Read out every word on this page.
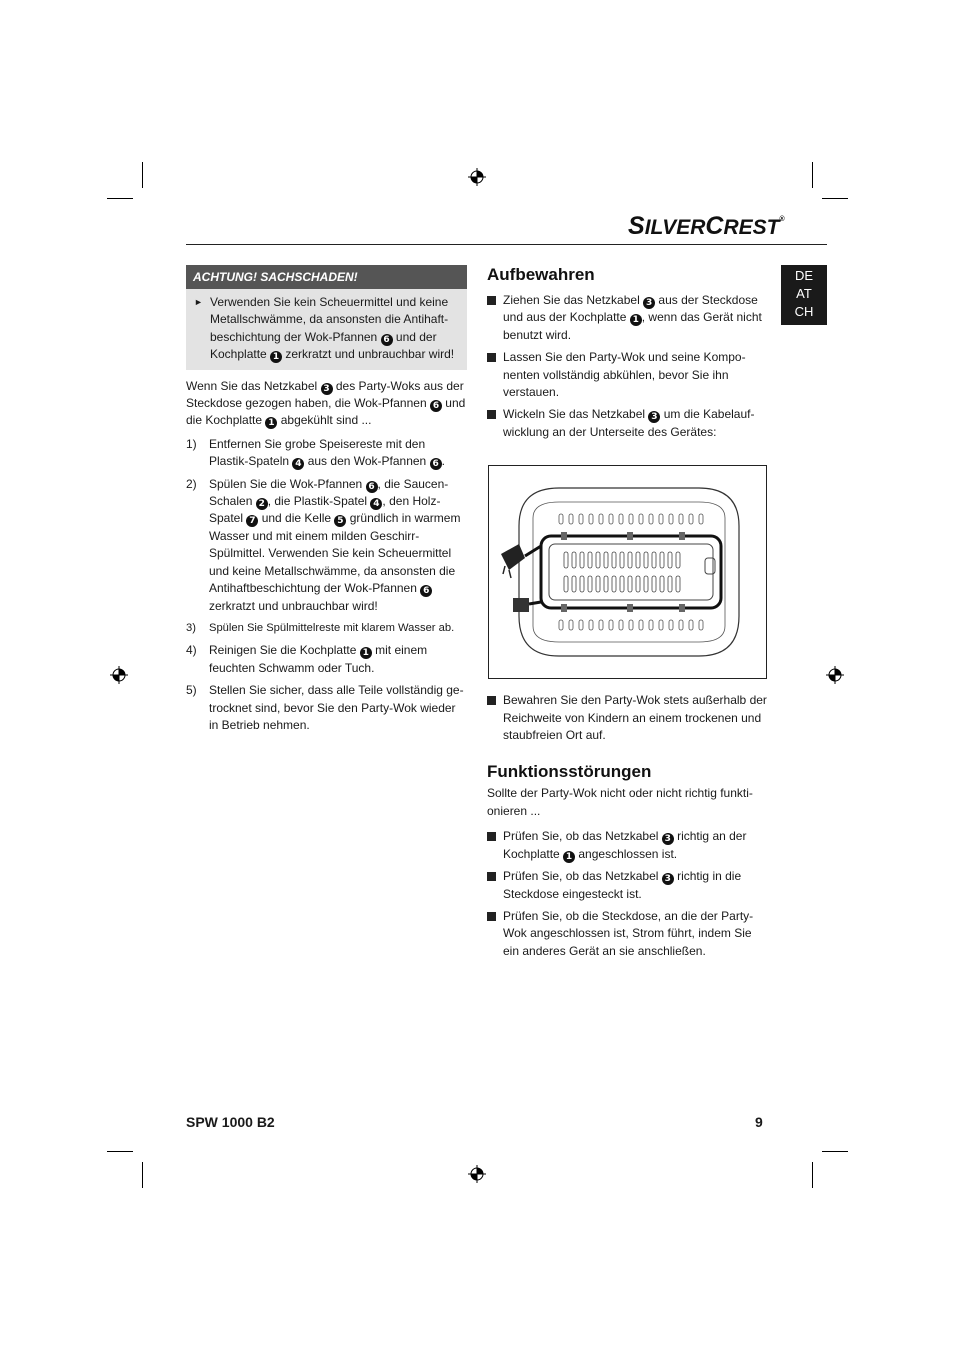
SILVERCREST®
DE
AT
CH
ACHTUNG! SACHSCHADEN!
► Verwenden Sie kein Scheuermittel und keine Metallschwämme, da ansonsten die Antihaftbeschichtung der Wok-Pfannen 6 und der Kochplatte 1 zerkratzt und unbrauchbar wird!

Wenn Sie das Netzkabel 3 des Party-Woks aus der Steckdose gezogen haben, die Wok-Pfannen 6 und die Kochplatte 1 abgekühlt sind ...

1) Entfernen Sie grobe Speisereste mit den Plastik-Spateln 4 aus den Wok-Pfannen 6 .
2) Spülen Sie die Wok-Pfannen 6 , die SaucenSchalen 2 , die Plastik-Spatel 4 , den Holz-Spatel 7 und die Kelle 5 gründlich in warmem Wasser und mit einem milden Geschirr-Spülmittel. Verwenden Sie kein Scheuermittel und keine Metallschwämme, da ansonsten die Antihaftbeschichtung der Wok-Pfannen 6 zerkratzt und unbrauchbar wird!
3) Spülen Sie Spülmittelreste mit klarem Wasser ab.
4) Reinigen Sie die Kochplatte 1 mit einem feuchten Schwamm oder Tuch.
5) Stellen Sie sicher, dass alle Teile vollständig getrocknet sind, bevor Sie den Party-Wok wieder in Betrieb nehmen.
Aufbewahren
Ziehen Sie das Netzkabel 3 aus der Steckdose und aus der Kochplatte 1 , wenn das Gerät nicht benutzt wird.
Lassen Sie den Party-Wok und seine Komponenten vollständig abkühlen, bevor Sie ihn verstauen.
Wickeln Sie das Netzkabel 3 um die Kabelaufwicklung an der Unterseite des Gerätes:
Bewahren Sie den Party-Wok stets außerhalb der Reichweite von Kindern an einem trockenen und staubfreien Ort auf.
Funktionsstörungen

Sollte der Party-Wok nicht oder nicht richtig funktionieren ...

Prüfen Sie, ob das Netzkabel 3 richtig an der Kochplatte 1 angeschlossen ist.
Prüfen Sie, ob das Netzkabel 3 richtig in die Steckdose eingesteckt ist.
Prüfen Sie, ob die Steckdose, an die der Party-Wok angeschlossen ist, Strom führt, indem Sie ein anderes Gerät an sie anschließen.
SPW 1000 B2	9
